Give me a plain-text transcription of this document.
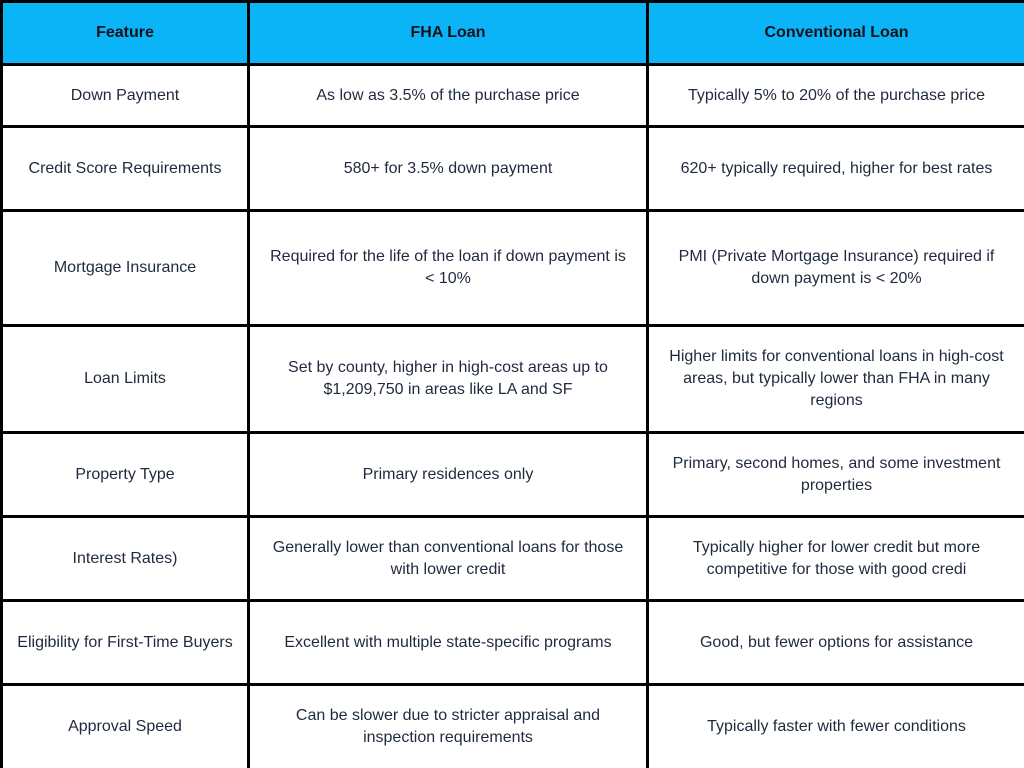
Feature	FHA Loan	Conventional Loan
Down Payment	As low as 3.5% of the purchase price	Typically 5% to 20% of the purchase price
Credit Score Requirements	580+ for 3.5% down payment	620+ typically required, higher for best rates
Mortgage Insurance	Required for the life of the loan if down payment is < 10%	PMI (Private Mortgage Insurance) required if down payment is < 20%
Loan Limits	Set by county, higher in high-cost areas up to $1,209,750 in areas like LA and SF	Higher limits for conventional loans in high-cost areas, but typically lower than FHA in many regions
Property Type	Primary residences only	Primary, second homes, and some investment properties
Interest Rates)	Generally lower than conventional loans for those with lower credit	Typically higher for lower credit but more competitive for those with good credi
Eligibility for First-Time Buyers	Excellent with multiple state-specific programs	Good, but fewer options for assistance
Approval Speed	Can be slower due to stricter appraisal and inspection requirements	Typically faster with fewer conditions
